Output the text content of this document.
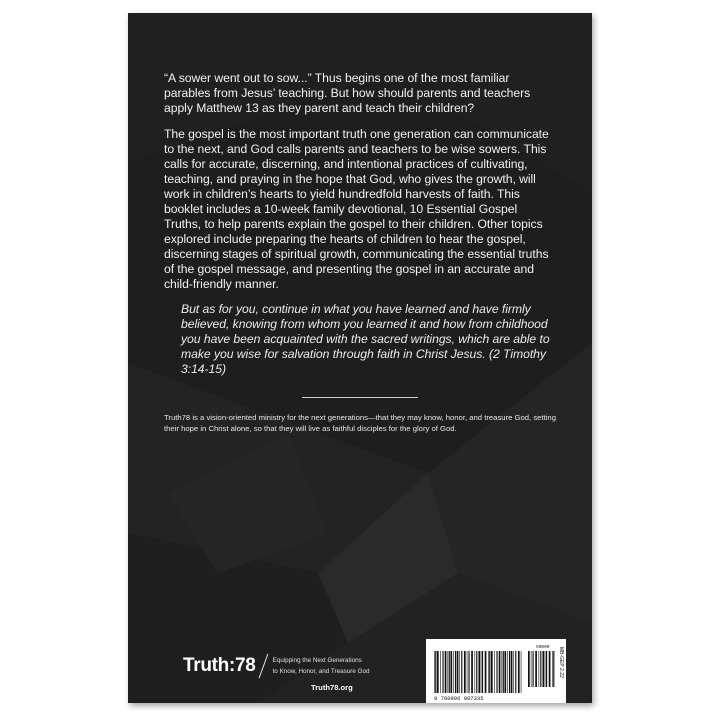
“A sower went out to sow...” Thus begins one of the most familiar parables from Jesus’ teaching. But how should parents and teachers apply Matthew 13 as they parent and teach their children?

The gospel is the most important truth one generation can communicate to the next, and God calls parents and teachers to be wise sowers. This calls for accurate, discerning, and intentional practices of cultivating, teaching, and praying in the hope that God, who gives the growth, will work in children’s hearts to yield hundredfold harvests of faith. This booklet includes a 10-week family devotional, 10 Essential Gospel Truths, to help parents explain the gospel to their children. Other topics explored include preparing the hearts of children to hear the gospel, discerning stages of spiritual growth, communicating the essential truths of the gospel message, and presenting the gospel in an accurate and child-friendly manner.

But as for you, continue in what you have learned and have firmly believed, knowing from whom you learned it and how from childhood you have been acquainted with the sacred writings, which are able to make you wise for salvation through faith in Christ Jesus. (2 Timothy 3:14-15)

Truth78 is a vision-oriented ministry for the next generations—that they may know, honor, and treasure God, setting their hope in Christ alone, so that they will live as faithful disciples for the glory of God.

Truth:78	Equipping the Next Generations
to Know, Honor, and Treasure God
Truth78.org
9 780996 987335
50000 MB-GEP 2.22
